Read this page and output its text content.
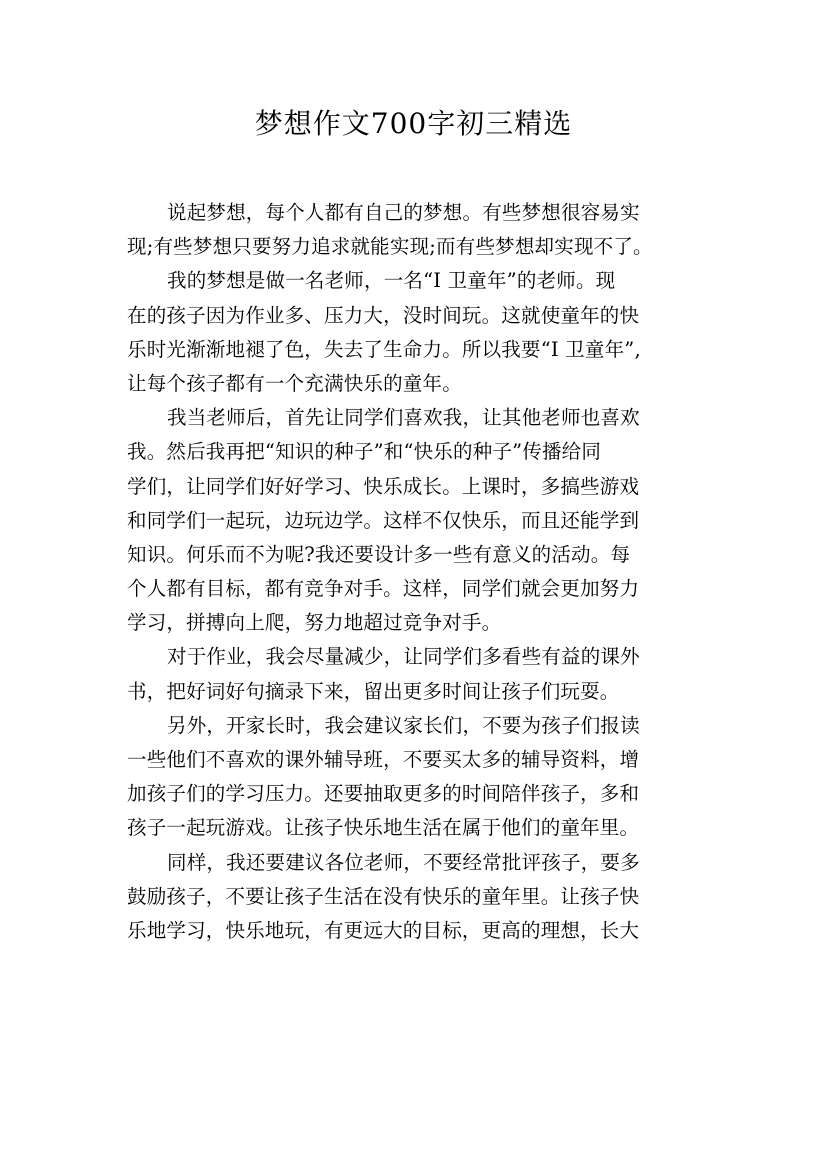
梦想作文700字初三精选
说起梦想，每个人都有自己的梦想。有些梦想很容易实
现;有些梦想只要努力追求就能实现;而有些梦想却实现不了。
我的梦想是做一名老师，一名“I 卫童年”的老师。现
在的孩子因为作业多、压力大，没时间玩。这就使童年的快
乐时光渐渐地褪了色，失去了生命力。所以我要“I 卫童年”,
让每个孩子都有一个充满快乐的童年。
我当老师后，首先让同学们喜欢我，让其他老师也喜欢
我。然后我再把“知识的种子”和“快乐的种子”传播给同
学们，让同学们好好学习、快乐成长。上课时，多搞些游戏
和同学们一起玩，边玩边学。这样不仅快乐，而且还能学到
知识。何乐而不为呢?我还要设计多一些有意义的活动。每
个人都有目标，都有竞争对手。这样，同学们就会更加努力
学习，拼搏向上爬，努力地超过竞争对手。
对于作业，我会尽量减少，让同学们多看些有益的课外
书，把好词好句摘录下来，留出更多时间让孩子们玩耍。
另外，开家长时，我会建议家长们，不要为孩子们报读
一些他们不喜欢的课外辅导班，不要买太多的辅导资料，增
加孩子们的学习压力。还要抽取更多的时间陪伴孩子，多和
孩子一起玩游戏。让孩子快乐地生活在属于他们的童年里。
同样，我还要建议各位老师，不要经常批评孩子，要多
鼓励孩子，不要让孩子生活在没有快乐的童年里。让孩子快
乐地学习，快乐地玩，有更远大的目标，更高的理想，长大
